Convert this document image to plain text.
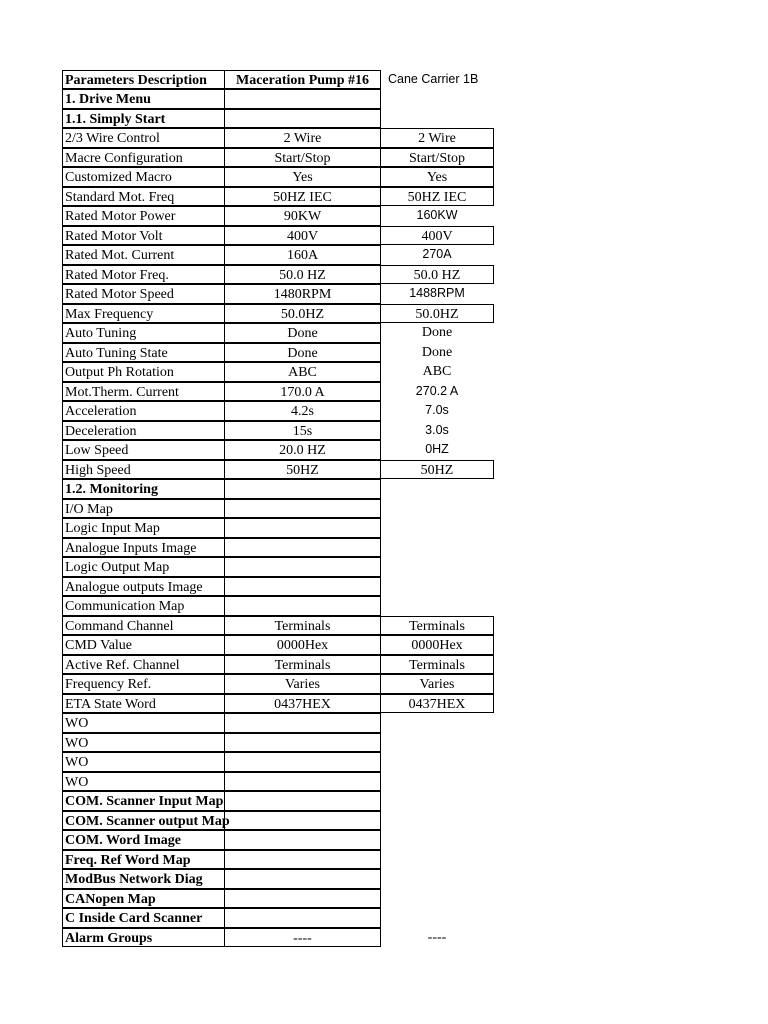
Parameters Description	Maceration Pump #16	Cane Carrier 1B
1. Drive Menu
1.1. Simply Start
2/3 Wire Control	2 Wire	2 Wire
Macre Configuration	Start/Stop	Start/Stop
Customized Macro	Yes	Yes
Standard Mot. Freq	50HZ IEC	50HZ IEC
Rated Motor Power	90KW	160KW
Rated Motor Volt	400V	400V
Rated Mot. Current	160A	270A
Rated Motor Freq.	50.0 HZ	50.0 HZ
Rated Motor Speed	1480RPM	1488RPM
Max Frequency	50.0HZ	50.0HZ
Auto Tuning	Done	Done
Auto Tuning State	Done	Done
Output Ph Rotation	ABC	ABC
Mot.Therm. Current	170.0 A	270.2 A
Acceleration	4.2s	7.0s
Deceleration	15s	3.0s
Low Speed	20.0 HZ	0HZ
High Speed	50HZ	50HZ
1.2. Monitoring
I/O Map
Logic Input Map
Analogue Inputs Image
Logic Output Map
Analogue outputs Image
Communication Map
Command Channel	Terminals	Terminals
CMD Value	0000Hex	0000Hex
Active Ref. Channel	Terminals	Terminals
Frequency Ref.	Varies	Varies
ETA State Word	0437HEX	0437HEX
WO
WO
WO
WO
COM. Scanner Input Map
COM. Scanner output Map
COM. Word Image
Freq. Ref Word Map
ModBus Network Diag
CANopen Map
C Inside Card Scanner
Alarm Groups	----	----
